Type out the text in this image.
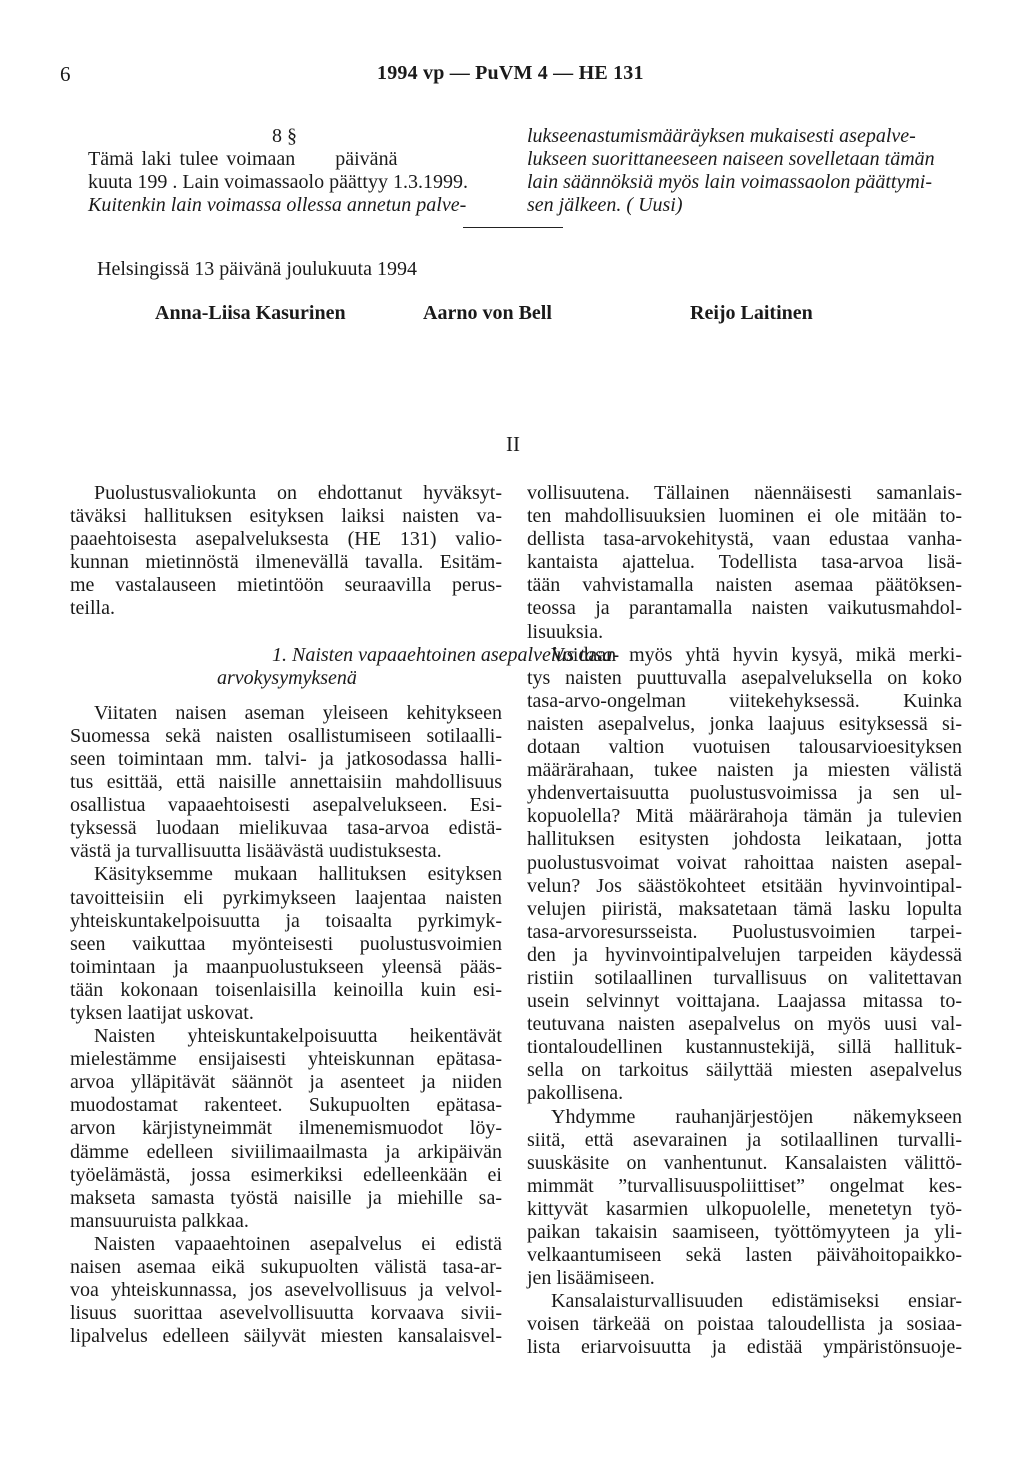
6	1994 vp — PuVM 4 — HE 131
8 §
Tämä laki tulee voimaan     päivänä
kuuta 199 . Lain voimassaolo päättyy 1.3.1999.
Kuitenkin lain voimassa ollessa annetun palve-
lukseenastumismääräyksen mukaisesti asepalve-
lukseen suorittaneeseen naiseen sovelletaan tämän
lain säännöksiä myös lain voimassaolon päättymi-
sen jälkeen. ( Uusi)
Helsingissä 13 päivänä joulukuuta 1994
Anna-Liisa Kasurinen	Aarno von Bell	Reijo Laitinen
II
Puolustusvaliokunta on ehdottanut hyväksyt-
täväksi hallituksen esityksen laiksi naisten va-
paaehtoisesta asepalveluksesta (HE 131) valio-
kunnan mietinnöstä ilmenevällä tavalla. Esitäm-
me vastalauseen mietintöön seuraavilla perus-
teilla.
1. Naisten vapaaehtoinen asepalvelus tasa-
arvokysymyksenä
Viitaten naisen aseman yleiseen kehitykseen
Suomessa sekä naisten osallistumiseen sotilaalli-
seen toimintaan mm. talvi- ja jatkosodassa halli-
tus esittää, että naisille annettaisiin mahdollisuus
osallistua vapaaehtoisesti asepalvelukseen. Esi-
tyksessä luodaan mielikuvaa tasa-arvoa edistä-
västä ja turvallisuutta lisäävästä uudistuksesta.
Käsityksemme mukaan hallituksen esityksen
tavoitteisiin eli pyrkimykseen laajentaa naisten
yhteiskuntakelpoisuutta ja toisaalta pyrkimyk-
seen vaikuttaa myönteisesti puolustusvoimien
toimintaan ja maanpuolustukseen yleensä pääs-
tään kokonaan toisenlaisilla keinoilla kuin esi-
tyksen laatijat uskovat.
Naisten yhteiskuntakelpoisuutta heikentävät
mielestämme ensijaisesti yhteiskunnan epätasa-
arvoa ylläpitävät säännöt ja asenteet ja niiden
muodostamat rakenteet. Sukupuolten epätasa-
arvon kärjistyneimmät ilmenemismuodot löy-
dämme edelleen siviilimaailmasta ja arkipäivän
työelämästä, jossa esimerkiksi edelleenkään ei
makseta samasta työstä naisille ja miehille sa-
mansuuruista palkkaa.
Naisten vapaaehtoinen asepalvelus ei edistä
naisen asemaa eikä sukupuolten välistä tasa-ar-
voa yhteiskunnassa, jos asevelvollisuus ja velvol-
lisuus suorittaa asevelvollisuutta korvaava sivii-
lipalvelus edelleen säilyvät miesten kansalaisvel-
vollisuutena. Tällainen näennäisesti samanlais-
ten mahdollisuuksien luominen ei ole mitään to-
dellista tasa-arvokehitystä, vaan edustaa vanha-
kantaista ajattelua. Todellista tasa-arvoa lisä-
tään vahvistamalla naisten asemaa päätöksen-
teossa ja parantamalla naisten vaikutusmahdol-
lisuuksia.
Voidaan myös yhtä hyvin kysyä, mikä merki-
tys naisten puuttuvalla asepalveluksella on koko
tasa-arvo-ongelman viitekehyksessä. Kuinka
naisten asepalvelus, jonka laajuus esityksessä si-
dotaan valtion vuotuisen talousarvioesityksen
määrärahaan, tukee naisten ja miesten välistä
yhdenvertaisuutta puolustusvoimissa ja sen ul-
kopuolella? Mitä määrärahoja tämän ja tulevien
hallituksen esitysten johdosta leikataan, jotta
puolustusvoimat voivat rahoittaa naisten asepal-
velun? Jos säästökohteet etsitään hyvinvointipal-
velujen piiristä, maksatetaan tämä lasku lopulta
tasa-arvoresursseista. Puolustusvoimien tarpei-
den ja hyvinvointipalvelujen tarpeiden käydessä
ristiin sotilaallinen turvallisuus on valitettavan
usein selvinnyt voittajana. Laajassa mitassa to-
teutuvana naisten asepalvelus on myös uusi val-
tiontaloudellinen kustannustekijä, sillä hallituk-
sella on tarkoitus säilyttää miesten asepalvelus
pakollisena.
Yhdymme rauhanjärjestöjen näkemykseen
siitä, että asevarainen ja sotilaallinen turvalli-
suuskäsite on vanhentunut. Kansalaisten välittö-
mimmät ”turvallisuuspoliittiset” ongelmat kes-
kittyvät kasarmien ulkopuolelle, menetetyn työ-
paikan takaisin saamiseen, työttömyyteen ja yli-
velkaantumiseen sekä lasten päivähoitopaikko-
jen lisäämiseen.
Kansalaisturvallisuuden edistämiseksi ensiar-
voisen tärkeää on poistaa taloudellista ja sosiaa-
lista eriarvoisuutta ja edistää ympäristönsuoje-
